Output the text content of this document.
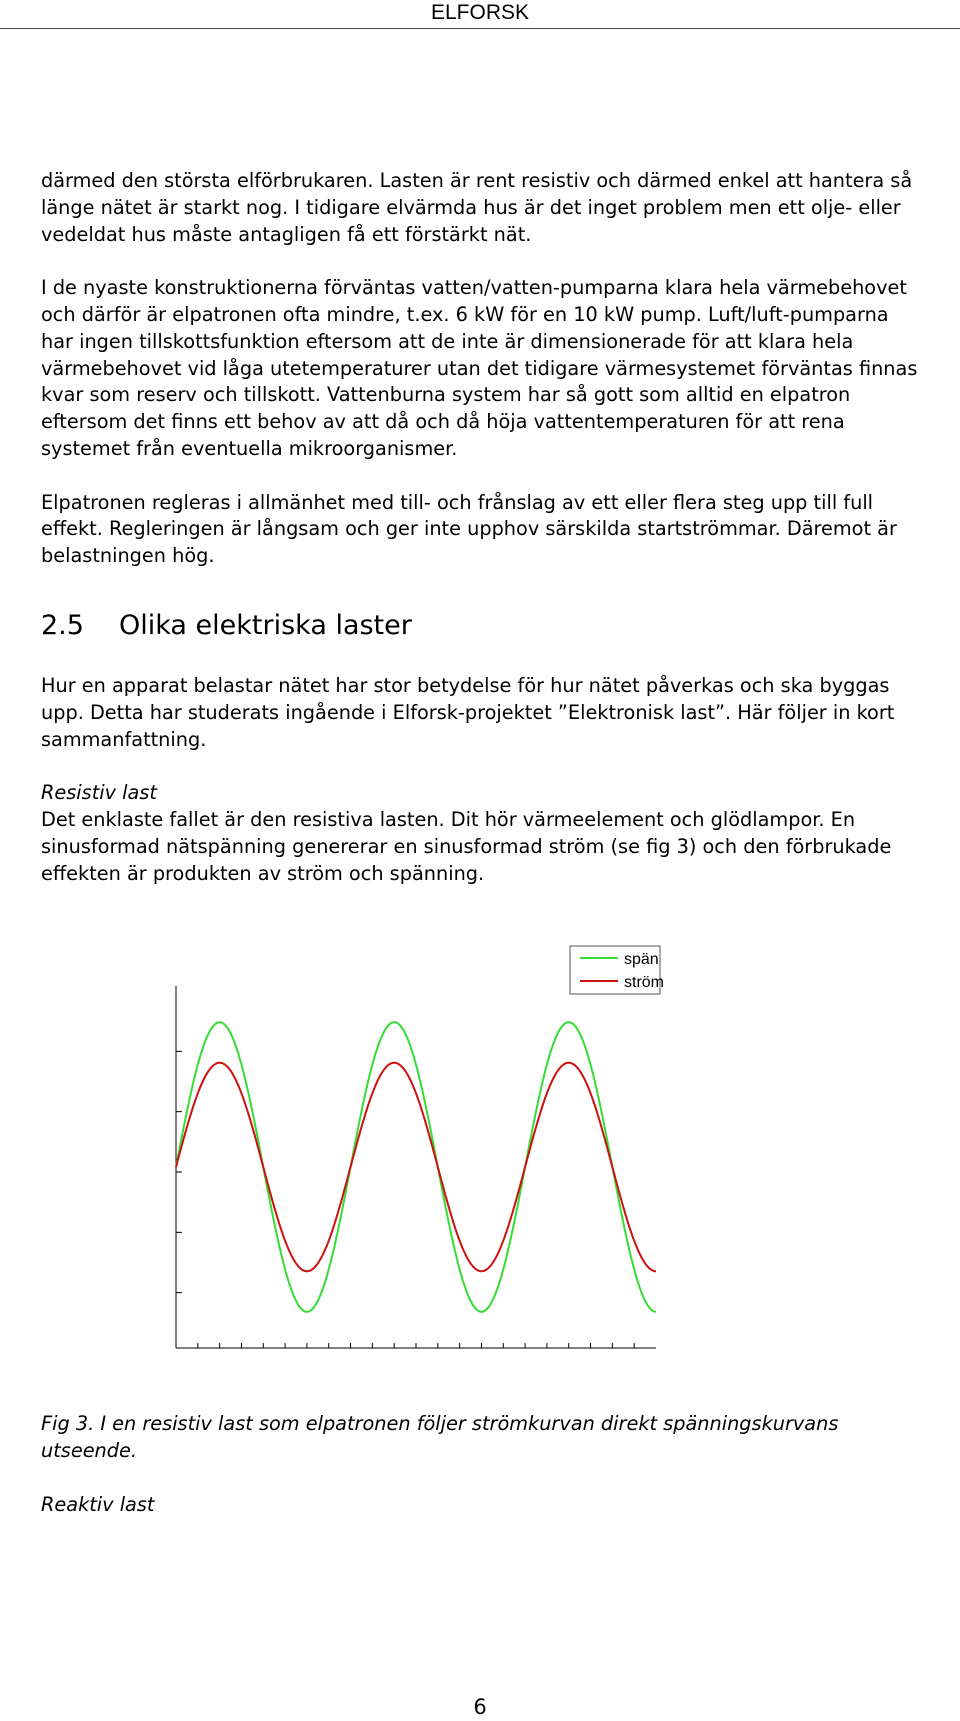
ELFORSK

därmed den största elförbrukaren. Lasten är rent resistiv och därmed enkel att hantera så länge nätet är starkt nog. I tidigare elvärmda hus är det inget problem men ett olje- eller vedeldat hus måste antagligen få ett förstärkt nät.

I de nyaste konstruktionerna förväntas vatten/vatten-pumparna klara hela värmebehovet och därför är elpatronen ofta mindre, t.ex. 6 kW för en 10 kW pump. Luft/luft-pumparna har ingen tillskottsfunktion eftersom att de inte är dimensionerade för att klara hela värmebehovet vid låga utetemperaturer utan det tidigare värmesystemet förväntas finnas kvar som reserv och tillskott. Vattenburna system har så gott som alltid en elpatron eftersom det finns ett behov av att då och då höja vattentemperaturen för att rena systemet från eventuella mikroorganismer.

Elpatronen regleras i allmänhet med till- och frånslag av ett eller flera steg upp till full effekt. Regleringen är långsam och ger inte upphov särskilda startströmmar. Däremot är belastningen hög.

2.5 Olika elektriska laster

Hur en apparat belastar nätet har stor betydelse för hur nätet påverkas och ska byggas upp. Detta har studerats ingående i Elforsk-projektet ”Elektronisk last”. Här följer in kort sammanfattning.

Resistiv last

Det enklaste fallet är den resistiva lasten. Dit hör värmeelement och glödlampor. En sinusformad nätspänning genererar en sinusformad ström (se fig 3) och den förbrukade effekten är produkten av ström och spänning.

spän
ström

Fig 3. I en resistiv last som elpatronen följer strömkurvan direkt spänningskurvans utseende.

Reaktiv last

6
